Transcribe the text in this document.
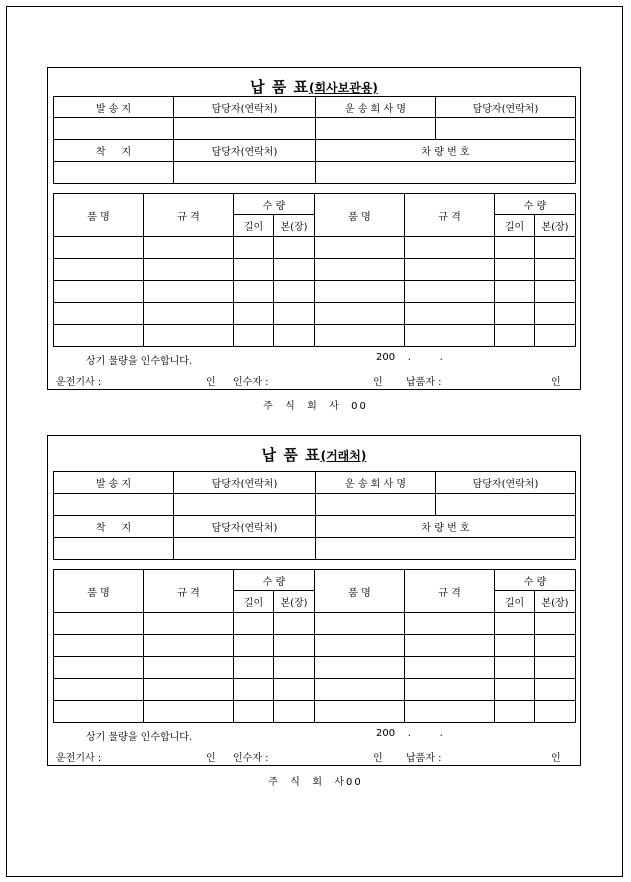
납 품 표(회사보관용)
발 송 지	담당자(연락처)	운 송 회 사 명	담당자(연락처)

착     지	담당자(연락처)	차 량 번 호	

품 명	규 격	수 량		품 명	규 격	수 량	
		길이	본(장)			길이	본(장)

상기 물량을 인수합니다.	200    .         .
운전기사 :	인 인수자 :	인 납품자 :	인
주  식  회  사  00
납 품 표(거래처)
발 송 지	담당자(연락처)	운 송 회 사 명	담당자(연락처)

착     지	담당자(연락처)	차 량 번 호	

품 명	규 격	수 량		품 명	규 격	수 량	
		길이	본(장)			길이	본(장)

상기 물량을 인수합니다.	200    .         .
운전기사 :	인 인수자 :	인 납품자 :	인
주  식  회  사00
